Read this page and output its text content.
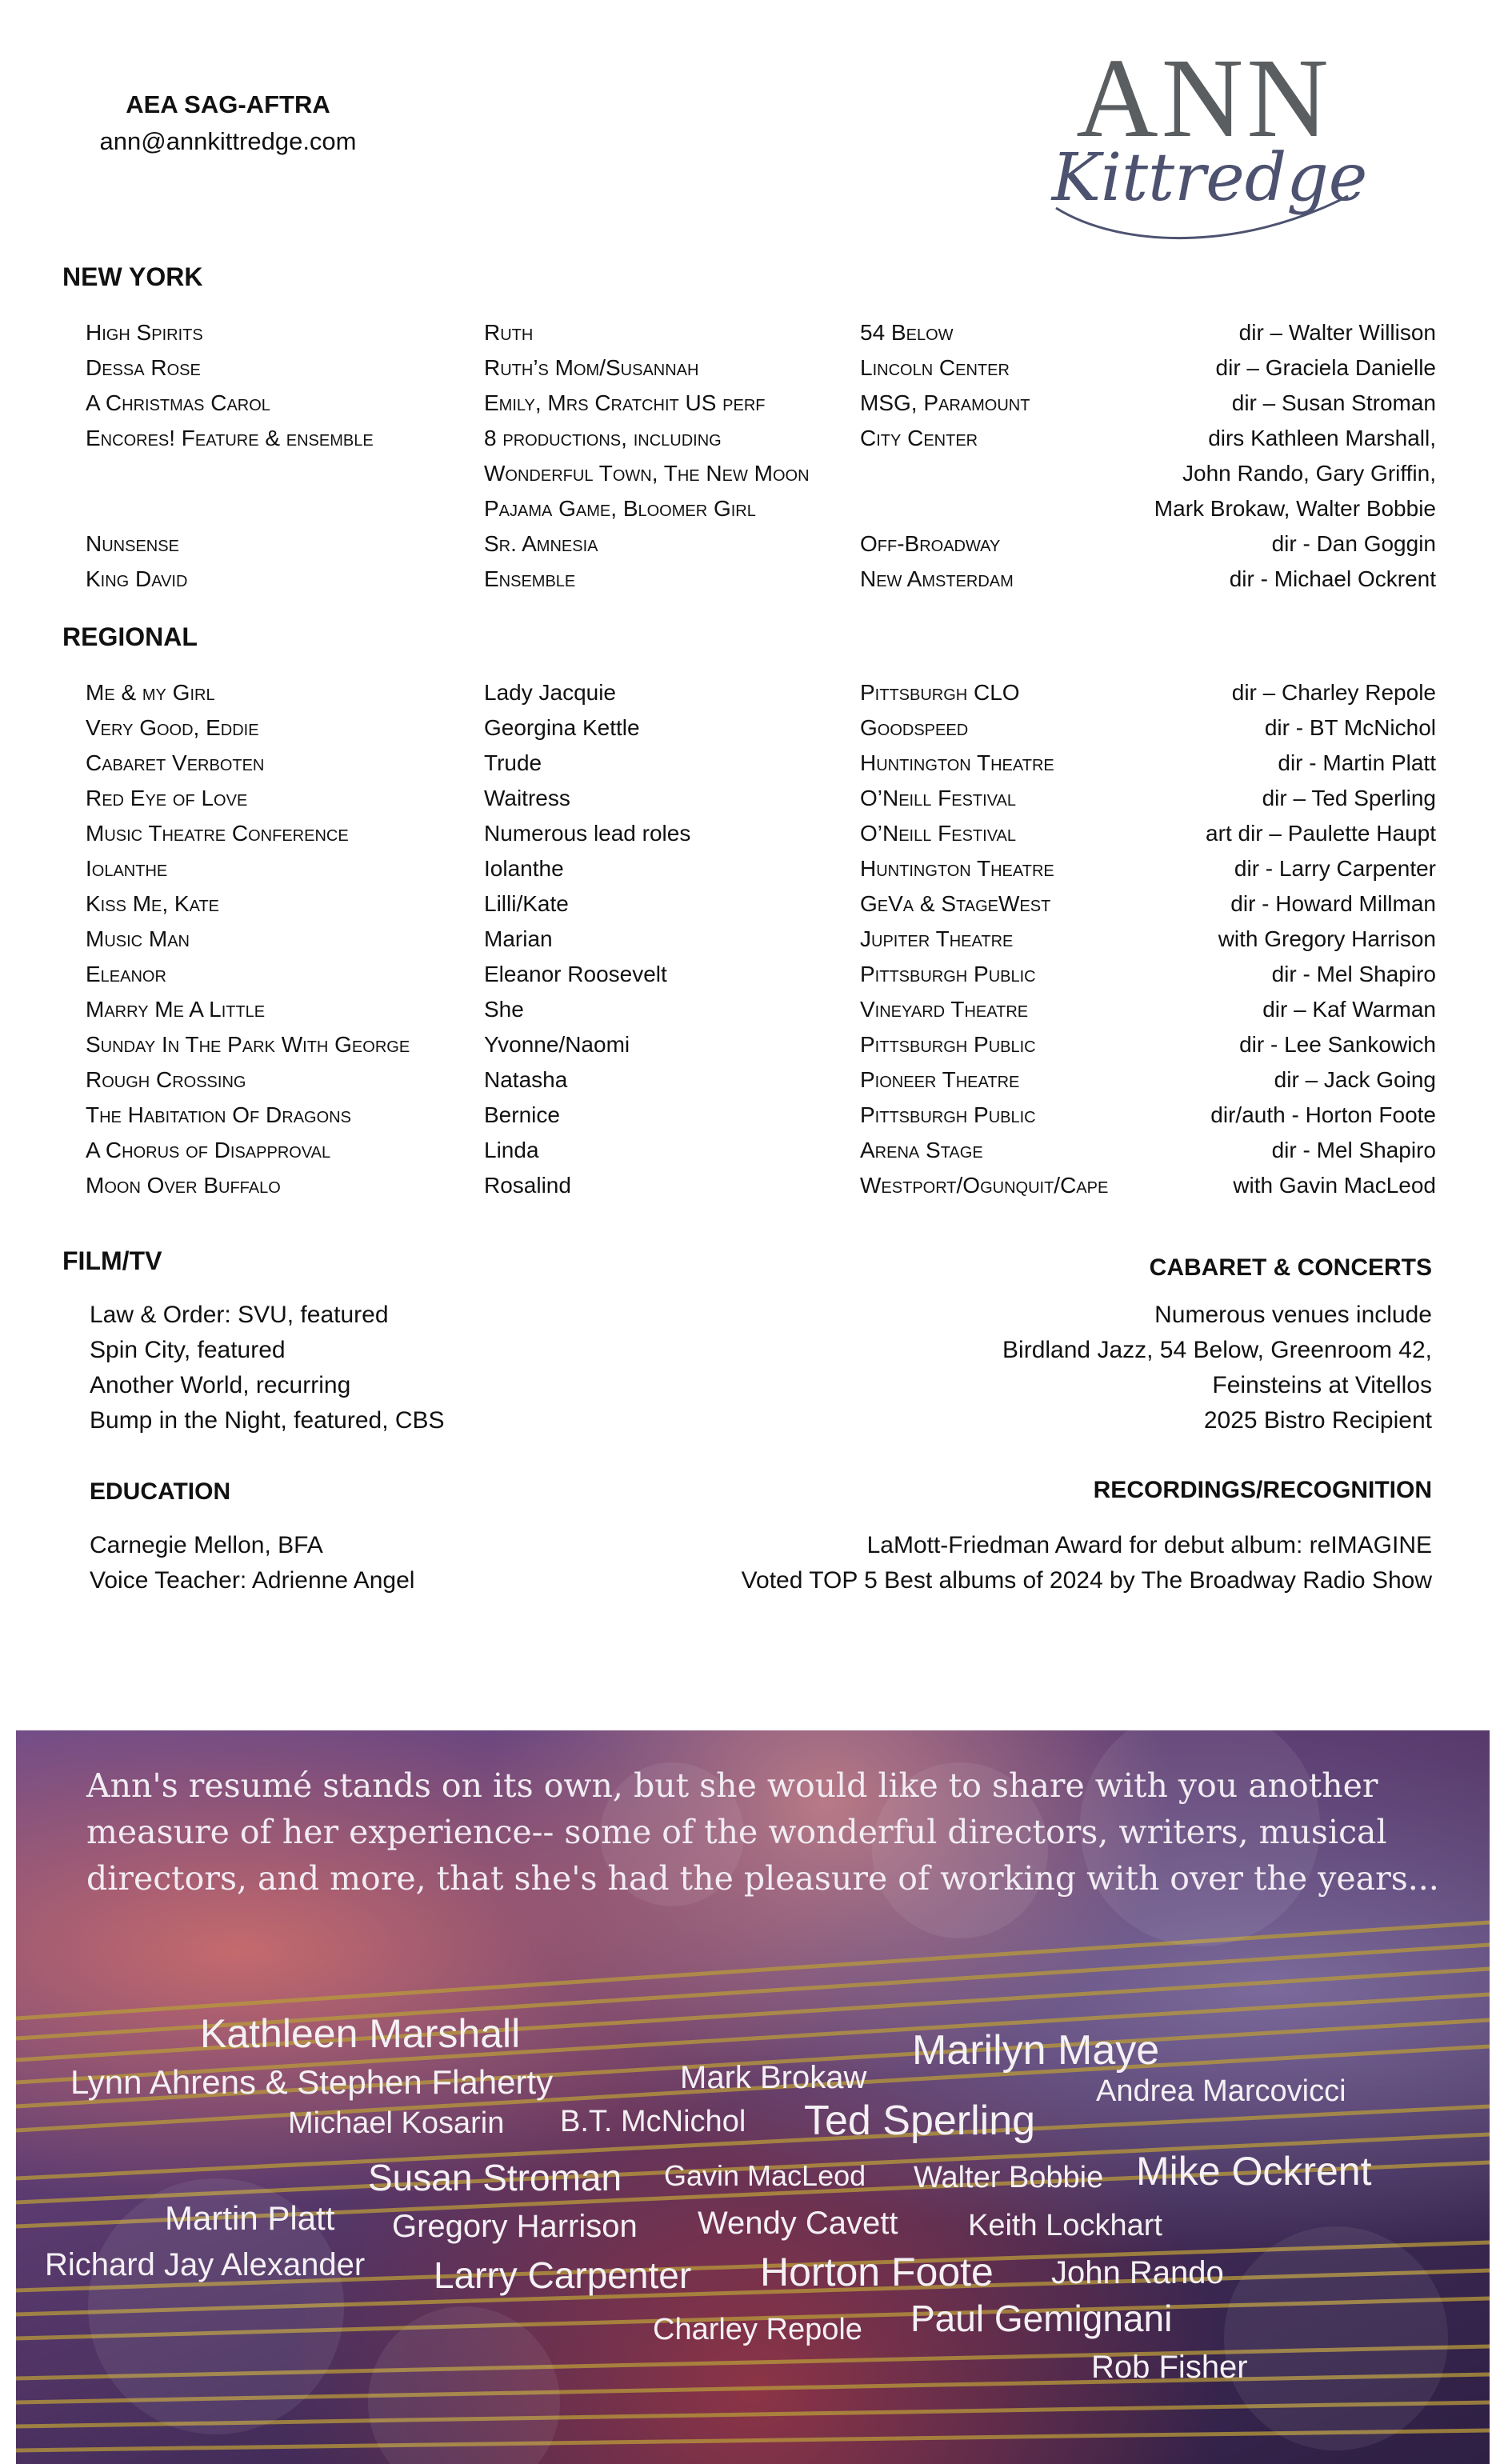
AEA SAG-AFTRA
ann@annkittredge.com	ANN
Kittredge
NEW YORK
High Spirits	Ruth	54 Below	dir – Walter Willison
Dessa Rose	Ruth’s Mom/Susannah	Lincoln Center	dir – Graciela Danielle
A Christmas Carol	Emily, Mrs Cratchit US perf	MSG, Paramount	dir – Susan Stroman
Encores! Feature & ensemble	8 productions, including	City Center	dirs Kathleen Marshall,
Wonderful Town, The New Moon	John Rando, Gary Griffin,
Pajama Game, Bloomer Girl	Mark Brokaw, Walter Bobbie
Nunsense	Sr. Amnesia	Off-Broadway	dir - Dan Goggin
King David	Ensemble	New Amsterdam	dir - Michael Ockrent
REGIONAL
Me & my Girl	Lady Jacquie	Pittsburgh CLO	dir – Charley Repole
Very Good, Eddie	Georgina Kettle	Goodspeed	dir - BT McNichol
Cabaret Verboten	Trude	Huntington Theatre	dir - Martin Platt
Red Eye of Love	Waitress	O’Neill Festival	dir – Ted Sperling
Music Theatre Conference	Numerous lead roles	O’Neill Festival	art dir – Paulette Haupt
Iolanthe	Iolanthe	Huntington Theatre	dir - Larry Carpenter
Kiss Me, Kate	Lilli/Kate	GeVa & StageWest	dir - Howard Millman
Music Man	Marian	Jupiter Theatre	with Gregory Harrison
Eleanor	Eleanor Roosevelt	Pittsburgh Public	dir - Mel Shapiro
Marry Me A Little	She	Vineyard Theatre	dir – Kaf Warman
Sunday In The Park With George	Yvonne/Naomi	Pittsburgh Public	dir - Lee Sankowich
Rough Crossing	Natasha	Pioneer Theatre	dir – Jack Going
The Habitation Of Dragons	Bernice	Pittsburgh Public	dir/auth - Horton Foote
A Chorus of Disapproval	Linda	Arena Stage	dir - Mel Shapiro
Moon Over Buffalo	Rosalind	Westport/Ogunquit/Cape	with Gavin MacLeod
FILM/TV	CABARET & CONCERTS
Law & Order: SVU, featured
Spin City, featured
Another World, recurring
Bump in the Night, featured, CBS
Numerous venues include
Birdland Jazz, 54 Below, Greenroom 42,
Feinsteins at Vitellos
2025 Bistro Recipient
EDUCATION	RECORDINGS/RECOGNITION
Carnegie Mellon, BFA
Voice Teacher: Adrienne Angel
LaMott-Friedman Award for debut album: reIMAGINE
Voted TOP 5 Best albums of 2024 by The Broadway Radio Show
Ann's resumé stands on its own, but she would like to share with you another measure of her experience-- some of the wonderful directors, writers, musical directors, and more, that she's had the pleasure of working with over the years...
Kathleen Marshall	Marilyn Maye
Lynn Ahrens & Stephen Flaherty	Mark Brokaw	Andrea Marcovicci
Michael Kosarin B.T. McNichol Ted Sperling
Susan Stroman Gavin MacLeod Walter Bobbie Mike Ockrent
Martin Platt Gregory Harrison Wendy Cavett Keith Lockhart
Richard Jay Alexander Larry Carpenter Horton Foote John Rando
Charley Repole Paul Gemignani
Rob Fisher
